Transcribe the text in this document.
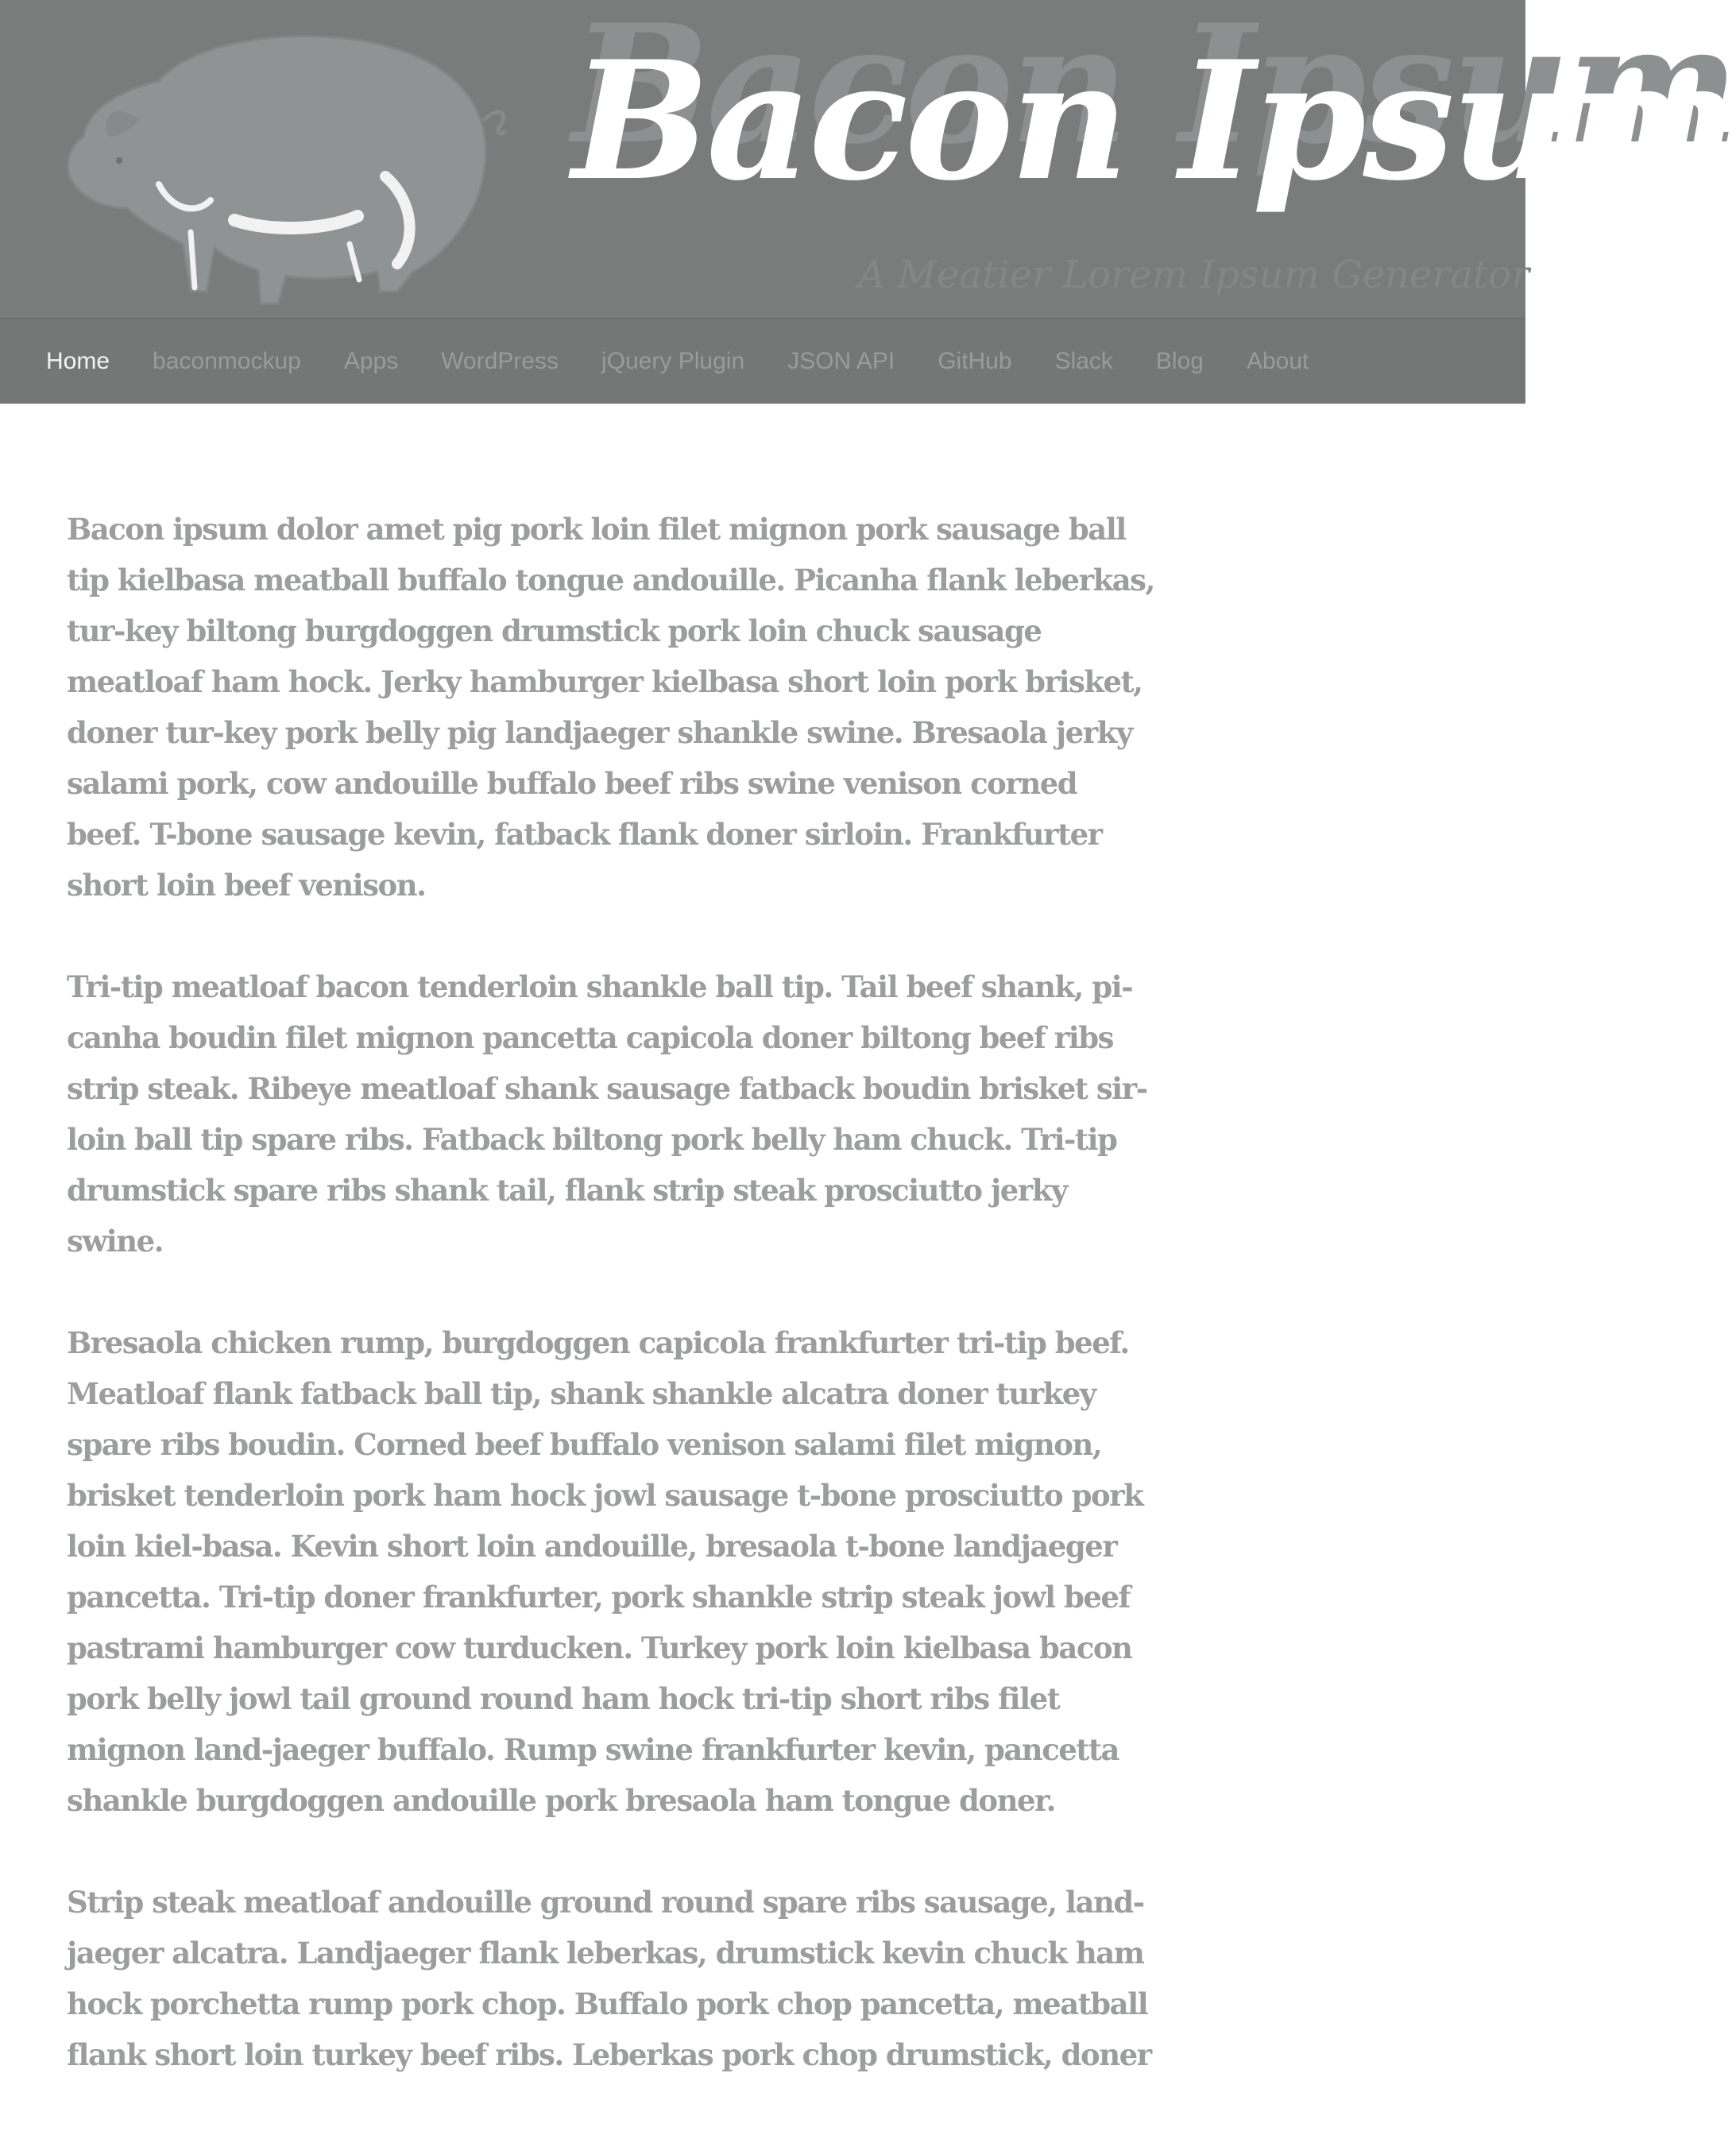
Bacon Ipsum
A Meatier Lorem Ipsum Generator
Home baconmockup Apps WordPress jQuery Plugin JSON API GitHub Slack Blog About

Bacon ipsum dolor amet pig pork loin filet mignon pork sausage ball tip kielbasa meatball buffalo tongue andouille. Picanha flank leberkas, tur-key biltong burgdoggen drumstick pork loin chuck sausage meatloaf ham hock. Jerky hamburger kielbasa short loin pork brisket, doner tur-key pork belly pig landjaeger shankle swine. Bresaola jerky salami pork, cow andouille buffalo beef ribs swine venison corned beef. T-bone sausage kevin, fatback flank doner sirloin. Frankfurter short loin beef venison.

Tri-tip meatloaf bacon tenderloin shankle ball tip. Tail beef shank, pi-canha boudin filet mignon pancetta capicola doner biltong beef ribs strip steak. Ribeye meatloaf shank sausage fatback boudin brisket sir-loin ball tip spare ribs. Fatback biltong pork belly ham chuck. Tri-tip drumstick spare ribs shank tail, flank strip steak prosciutto jerky swine.

Bresaola chicken rump, burgdoggen capicola frankfurter tri-tip beef. Meatloaf flank fatback ball tip, shank shankle alcatra doner turkey spare ribs boudin. Corned beef buffalo venison salami filet mignon, brisket tenderloin pork ham hock jowl sausage t-bone prosciutto pork loin kiel-basa. Kevin short loin andouille, bresaola t-bone landjaeger pancetta. Tri-tip doner frankfurter, pork shankle strip steak jowl beef pastrami hamburger cow turducken. Turkey pork loin kielbasa bacon pork belly jowl tail ground round ham hock tri-tip short ribs filet mignon land-jaeger buffalo. Rump swine frankfurter kevin, pancetta shankle burgdoggen andouille pork bresaola ham tongue doner.

Strip steak meatloaf andouille ground round spare ribs sausage, land-jaeger alcatra. Landjaeger flank leberkas, drumstick kevin chuck ham hock porchetta rump pork chop. Buffalo pork chop pancetta, meatball flank short loin turkey beef ribs. Leberkas pork chop drumstick, doner
